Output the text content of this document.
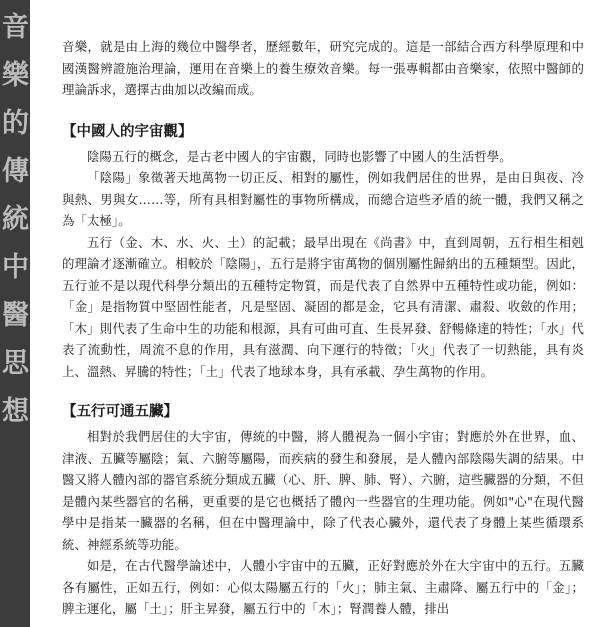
音樂的傳統中醫思想

音樂，就是由上海的幾位中醫學者，歷經數年，研究完成的。這是一部結合西方科學原理和中國漢醫辨證施治理論，運用在音樂上的養生療效音樂。每一張專輯都由音樂家，依照中醫師的理論訴求，選擇古曲加以改編而成。

【中國人的宇宙觀】

陰陽五行的概念，是古老中國人的宇宙觀，同時也影響了中國人的生活哲學。

「陰陽」象徵著天地萬物一切正反、相對的屬性，例如我們居住的世界，是由日與夜、冷與熱、男與女……等，所有具相對屬性的事物所構成，而總合這些矛盾的統一體，我們又稱之為「太極」。

五行（金、木、水、火、土）的記載；最早出現在《尚書》中，直到周朝，五行相生相剋的理論才逐漸確立。相較於「陰陽」，五行是將宇宙萬物的個別屬性歸納出的五種類型。因此，五行並不是以現代科學分類出的五種特定物質，而是代表了自然界中五種特性或功能，例如：「金」是指物質中堅固性能者，凡是堅固、凝固的都是金，它具有清潔、肅殺、收斂的作用；「木」則代表了生命中生的功能和根源，具有可曲可直、生長昇發、舒暢條達的特性；「水」代表了流動性，周流不息的作用，具有滋潤、向下運行的特徵；「火」代表了一切熱能，具有炎上、溫熱、昇騰的特性；「土」代表了地球本身，具有承載、孕生萬物的作用。

【五行可通五臟】

相對於我們居住的大宇宙，傳統的中醫，將人體視為一個小宇宙；對應於外在世界，血、津液、五臟等屬陰；氣、六腑等屬陽，而疾病的發生和發展，是人體內部陰陽失調的結果。中醫又將人體內部的器官系統分類成五臟（心、肝、脾、肺、腎）、六腑，這些臟器的分類，不但是體內某些器官的名稱，更重要的是它也概括了體內一些器官的生理功能。例如"心"在現代醫學中是指某一臟器的名稱，但在中醫理論中，除了代表心臟外，還代表了身體上某些循環系統、神經系統等功能。

如是，在古代醫學論述中，人體小宇宙中的五臟，正好對應於外在大宇宙中的五行。五臟各有屬性，正如五行，例如：心似太陽屬五行的「火」；肺主氣、主肅降、屬五行中的「金」；脾主運化，屬「土」；肝主昇發，屬五行中的「木」；腎潤養人體，排出
